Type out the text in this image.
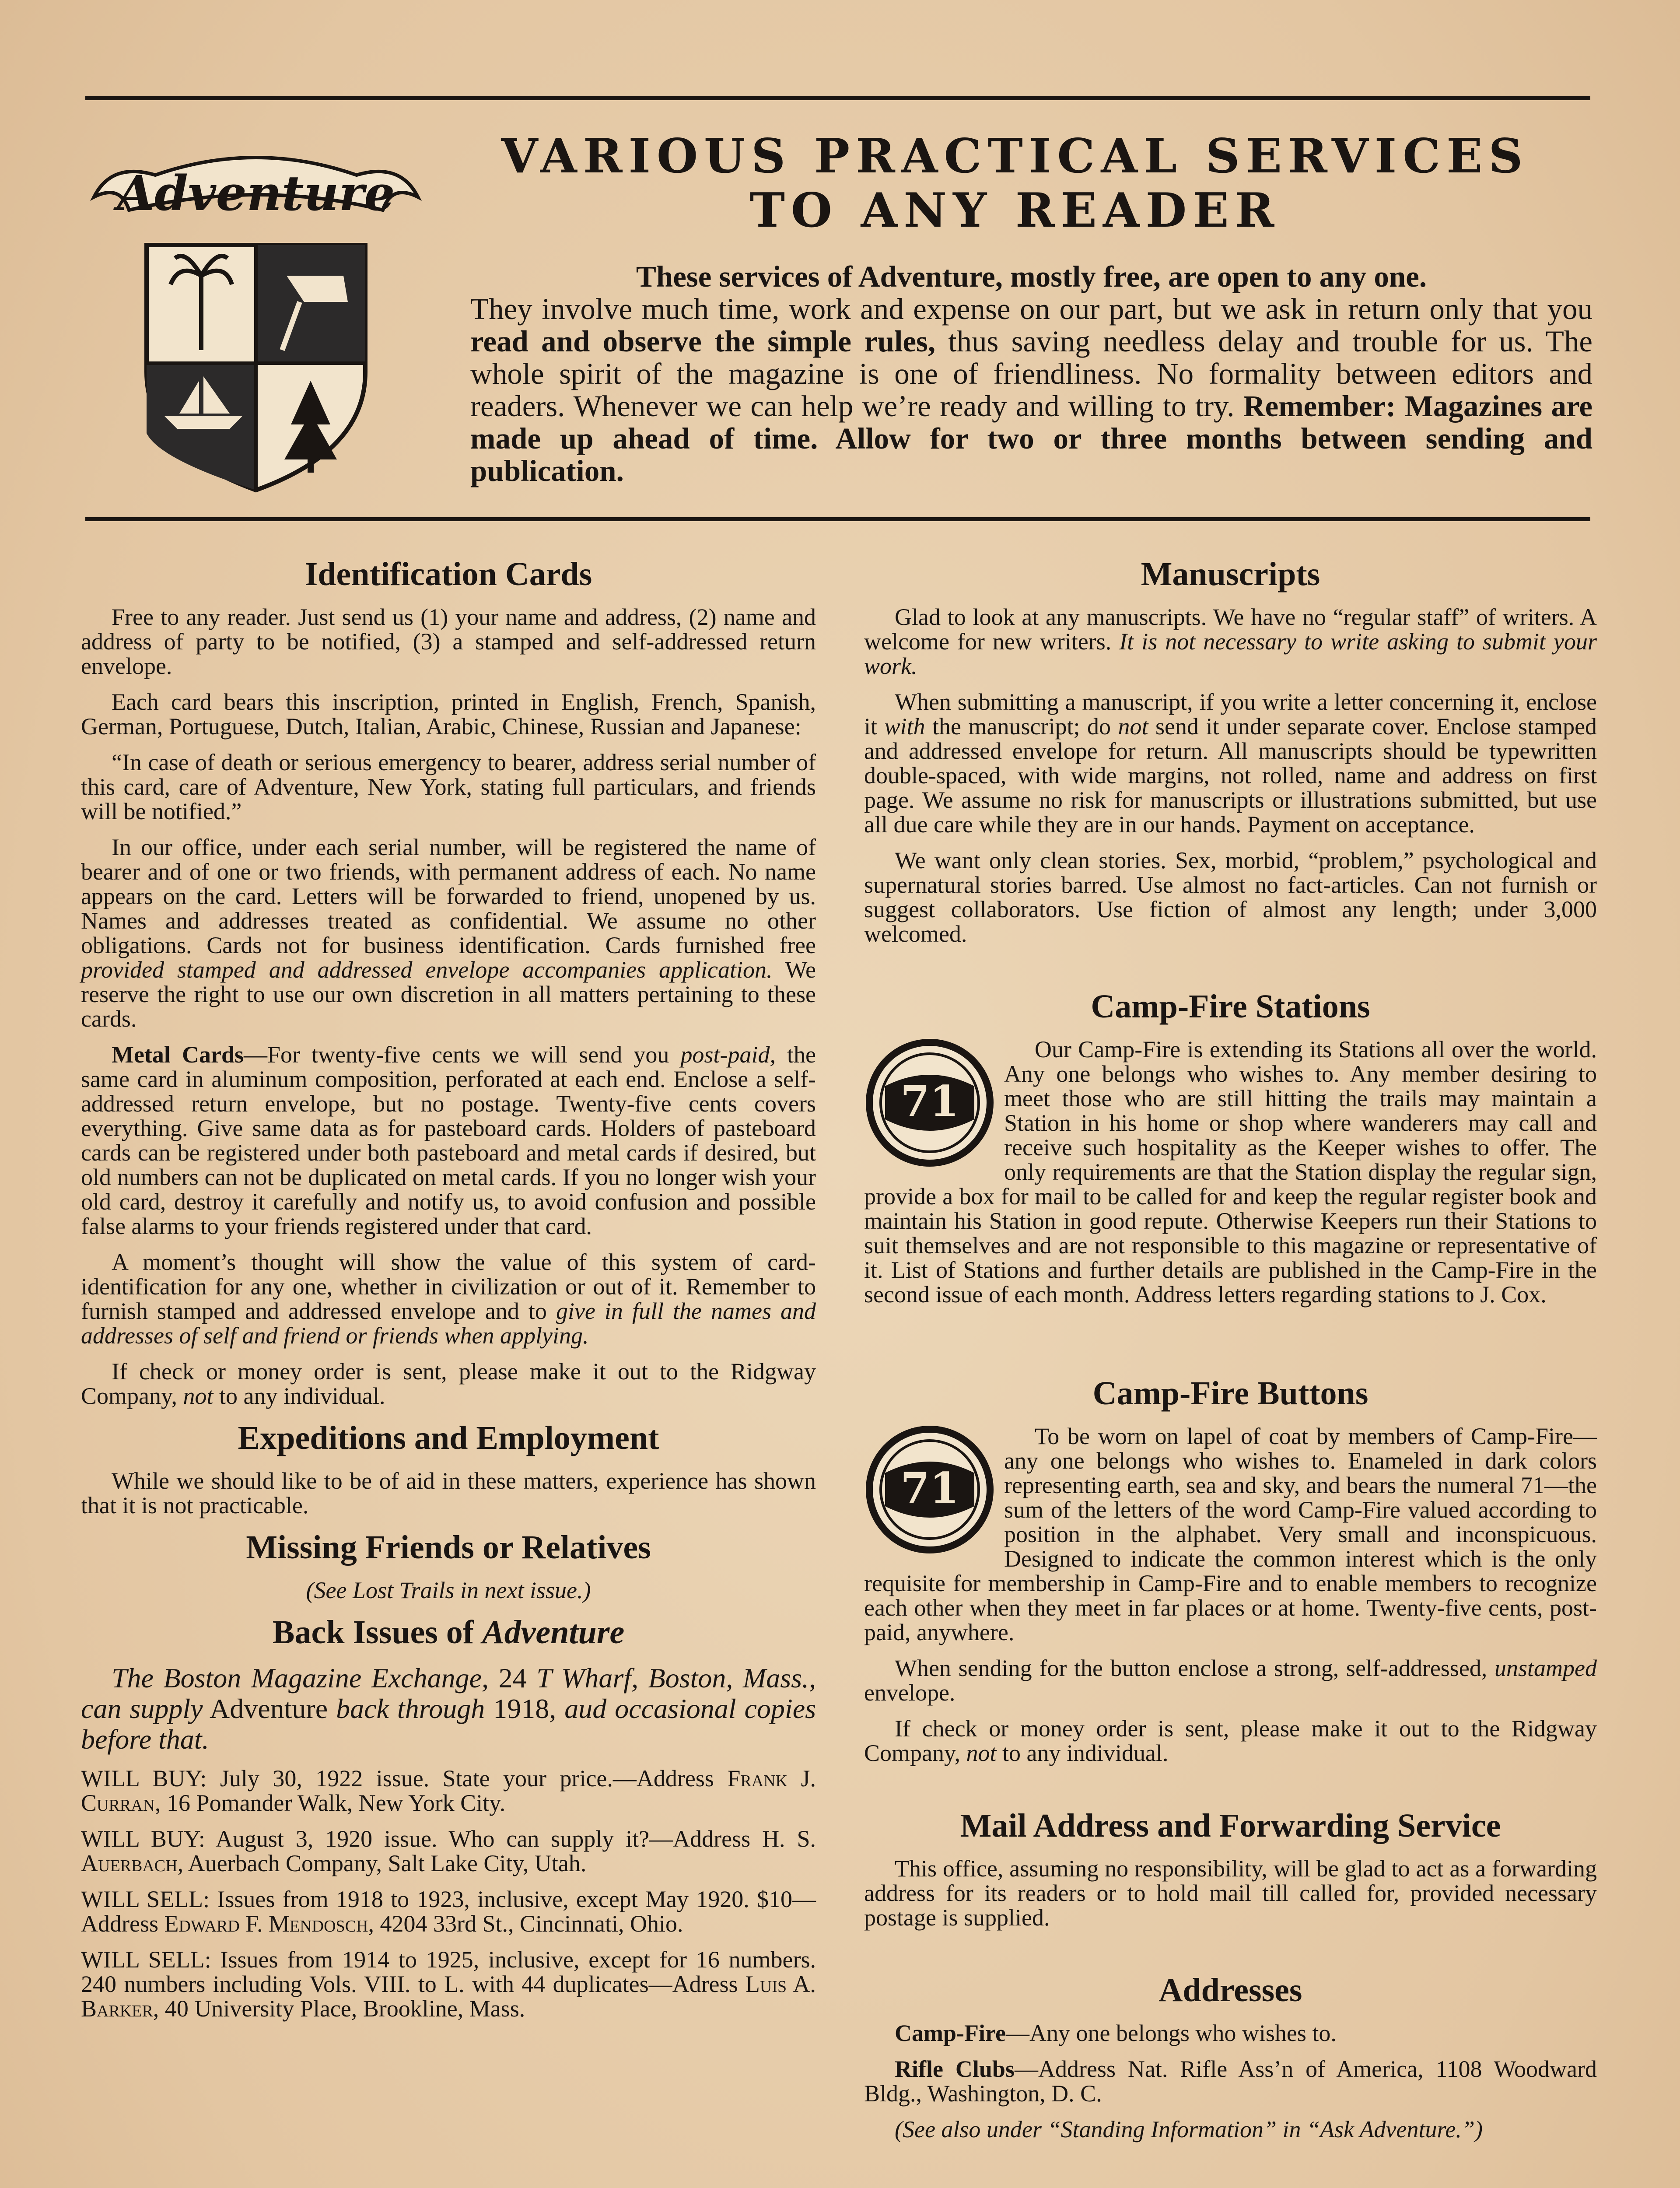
Adventure
VARIOUS PRACTICAL SERVICES
TO ANY READER

These services of Adventure, mostly free, are open to any one.

They involve much time, work and expense on our part, but we ask in return only that you read and observe the simple rules, thus saving needless delay and trouble for us. The whole spirit of the magazine is one of friendliness. No formality between editors and readers. Whenever we can help we’re ready and willing to try. Remember: Magazines are made up ahead of time. Allow for two or three months between sending and publication.

Identification Cards

Free to any reader. Just send us (1) your name and address, (2) name and address of party to be notified, (3) a stamped and self-addressed return envelope.

Each card bears this inscription, printed in English, French, Spanish, German, Portuguese, Dutch, Italian, Arabic, Chinese, Russian and Japanese:

“In case of death or serious emergency to bearer, address serial number of this card, care of Adventure, New York, stating full particulars, and friends will be notified.”

In our office, under each serial number, will be registered the name of bearer and of one or two friends, with permanent address of each. No name appears on the card. Letters will be forwarded to friend, unopened by us. Names and addresses treated as confidential. We assume no other obligations. Cards not for business identification. Cards furnished free provided stamped and addressed envelope accompanies application. We reserve the right to use our own discretion in all matters pertaining to these cards.

Metal Cards—For twenty-five cents we will send you post-paid, the same card in aluminum composition, perforated at each end. Enclose a self-addressed return envelope, but no postage. Twenty-five cents covers everything. Give same data as for pasteboard cards. Holders of pasteboard cards can be registered under both pasteboard and metal cards if desired, but old numbers can not be duplicated on metal cards. If you no longer wish your old card, destroy it carefully and notify us, to avoid confusion and possible false alarms to your friends registered under that card.

A moment’s thought will show the value of this system of card-identification for any one, whether in civilization or out of it. Remember to furnish stamped and addressed envelope and to give in full the names and addresses of self and friend or friends when applying.

If check or money order is sent, please make it out to the Ridgway Company, not to any individual.

Expeditions and Employment

While we should like to be of aid in these matters, experience has shown that it is not practicable.

Missing Friends or Relatives

(See Lost Trails in next issue.)

Back Issues of Adventure

The Boston Magazine Exchange, 24 T Wharf, Boston, Mass., can supply Adventure back through 1918, aud occasional copies before that.

WILL BUY: July 30, 1922 issue. State your price.—Address Frank J. Curran, 16 Pomander Walk, New York City.

WILL BUY: August 3, 1920 issue. Who can supply it?—Address H. S. Auerbach, Auerbach Company, Salt Lake City, Utah.

WILL SELL: Issues from 1918 to 1923, inclusive, except May 1920. $10—Address Edward F. Mendosch, 4204 33rd St., Cincinnati, Ohio.

WILL SELL: Issues from 1914 to 1925, inclusive, except for 16 numbers. 240 numbers including Vols. VIII. to L. with 44 duplicates—Adress Luis A. Barker, 40 University Place, Brookline, Mass.

Manuscripts

Glad to look at any manuscripts. We have no “regular staff” of writers. A welcome for new writers. It is not necessary to write asking to submit your work.

When submitting a manuscript, if you write a letter concerning it, enclose it with the manuscript; do not send it under separate cover. Enclose stamped and addressed envelope for return. All manuscripts should be typewritten double-spaced, with wide margins, not rolled, name and address on first page. We assume no risk for manuscripts or illustrations submitted, but use all due care while they are in our hands. Payment on acceptance.

We want only clean stories. Sex, morbid, “problem,” psychological and supernatural stories barred. Use almost no fact-articles. Can not furnish or suggest collaborators. Use fiction of almost any length; under 3,000 welcomed.

Camp-Fire Stations
71

Our Camp-Fire is extending its Stations all over the world. Any one belongs who wishes to. Any member desiring to meet those who are still hitting the trails may maintain a Station in his home or shop where wanderers may call and receive such hospitality as the Keeper wishes to offer. The only requirements are that the Station display the regular sign, provide a box for mail to be called for and keep the regular register book and maintain his Station in good repute. Otherwise Keepers run their Stations to suit themselves and are not responsible to this magazine or representative of it. List of Stations and further details are published in the Camp-Fire in the second issue of each month. Address letters regarding stations to J. Cox.

Camp-Fire Buttons
71

To be worn on lapel of coat by members of Camp-Fire—any one belongs who wishes to. Enameled in dark colors representing earth, sea and sky, and bears the numeral 71—the sum of the letters of the word Camp-Fire valued according to position in the alphabet. Very small and inconspicuous. Designed to indicate the common interest which is the only requisite for membership in Camp-Fire and to enable members to recognize each other when they meet in far places or at home. Twenty-five cents, post-paid, anywhere.

When sending for the button enclose a strong, self-addressed, unstamped envelope.

If check or money order is sent, please make it out to the Ridgway Company, not to any individual.

Mail Address and Forwarding Service

This office, assuming no responsibility, will be glad to act as a forwarding address for its readers or to hold mail till called for, provided necessary postage is supplied.

Addresses

Camp-Fire—Any one belongs who wishes to.

Rifle Clubs—Address Nat. Rifle Ass’n of America, 1108 Woodward Bldg., Washington, D. C.

(See also under “Standing Information” in “Ask Adventure.”)
